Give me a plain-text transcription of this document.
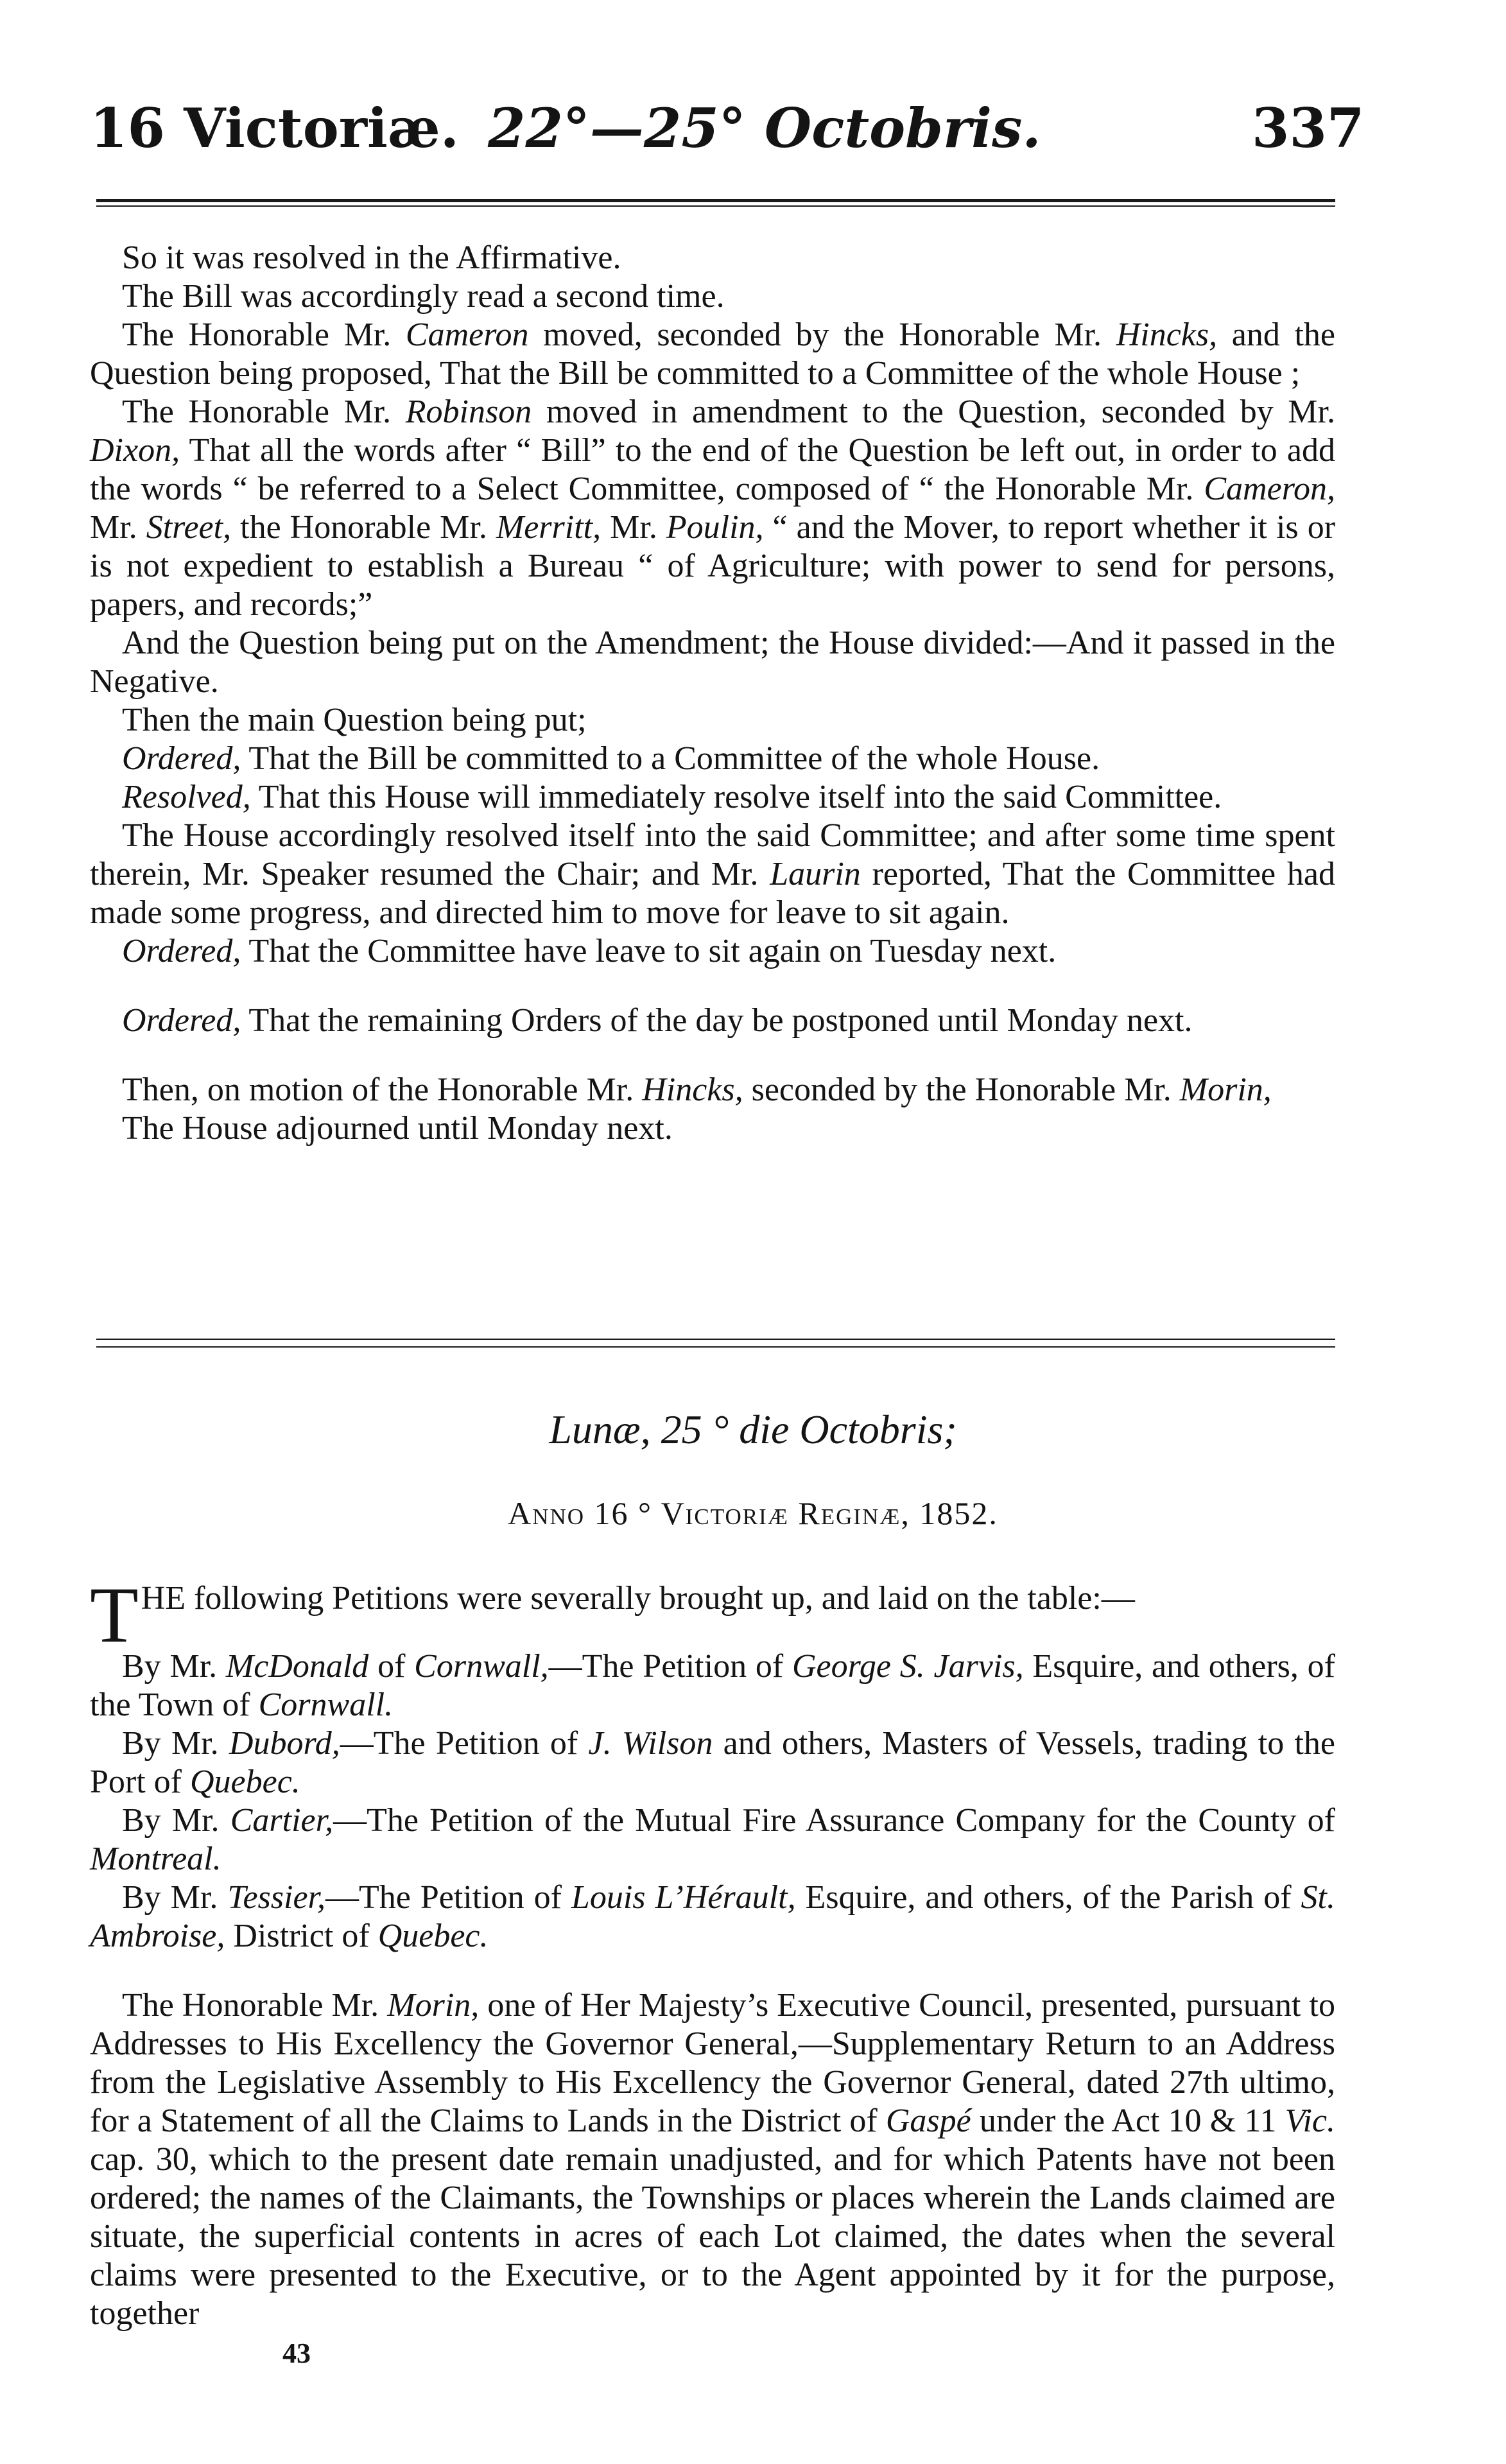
16 Victoriæ. 22°—25° Octobris.	337

So it was resolved in the Affirmative.

The Bill was accordingly read a second time.

The Honorable Mr. Cameron moved, seconded by the Honorable Mr. Hincks, and the Question being proposed, That the Bill be committed to a Committee of the whole House ;

The Honorable Mr. Robinson moved in amendment to the Question, seconded by Mr. Dixon, That all the words after “ Bill” to the end of the Question be left out, in order to add the words “ be referred to a Select Committee, composed of “ the Honorable Mr. Cameron, Mr. Street, the Honorable Mr. Merritt, Mr. Poulin, “ and the Mover, to report whether it is or is not expedient to establish a Bureau “ of Agriculture; with power to send for persons, papers, and records;”

And the Question being put on the Amendment; the House divided:—And it passed in the Negative.

Then the main Question being put;

Ordered, That the Bill be committed to a Committee of the whole House.

Resolved, That this House will immediately resolve itself into the said Committee.

The House accordingly resolved itself into the said Committee; and after some time spent therein, Mr. Speaker resumed the Chair; and Mr. Laurin reported, That the Committee had made some progress, and directed him to move for leave to sit again.

Ordered, That the Committee have leave to sit again on Tuesday next.

Ordered, That the remaining Orders of the day be postponed until Monday next.

Then, on motion of the Honorable Mr. Hincks, seconded by the Honorable Mr. Morin,

The House adjourned until Monday next.

Lunæ, 25 ° die Octobris;
Anno 16 ° Victoriæ Reginæ, 1852.

THE following Petitions were severally brought up, and laid on the table:—

By Mr. McDonald of Cornwall,—The Petition of George S. Jarvis, Esquire, and others, of the Town of Cornwall.

By Mr. Dubord,—The Petition of J. Wilson and others, Masters of Vessels, trading to the Port of Quebec.

By Mr. Cartier,—The Petition of the Mutual Fire Assurance Company for the County of Montreal.

By Mr. Tessier,—The Petition of Louis L’Hérault, Esquire, and others, of the Parish of St. Ambroise, District of Quebec.

The Honorable Mr. Morin, one of Her Majesty’s Executive Council, presented, pursuant to Addresses to His Excellency the Governor General,—Supplementary Return to an Address from the Legislative Assembly to His Excellency the Governor General, dated 27th ultimo, for a Statement of all the Claims to Lands in the District of Gaspé under the Act 10 & 11 Vic. cap. 30, which to the present date remain unadjusted, and for which Patents have not been ordered; the names of the Claimants, the Townships or places wherein the Lands claimed are situate, the superficial contents in acres of each Lot claimed, the dates when the several claims were presented to the Executive, or to the Agent appointed by it for the purpose, together

43
